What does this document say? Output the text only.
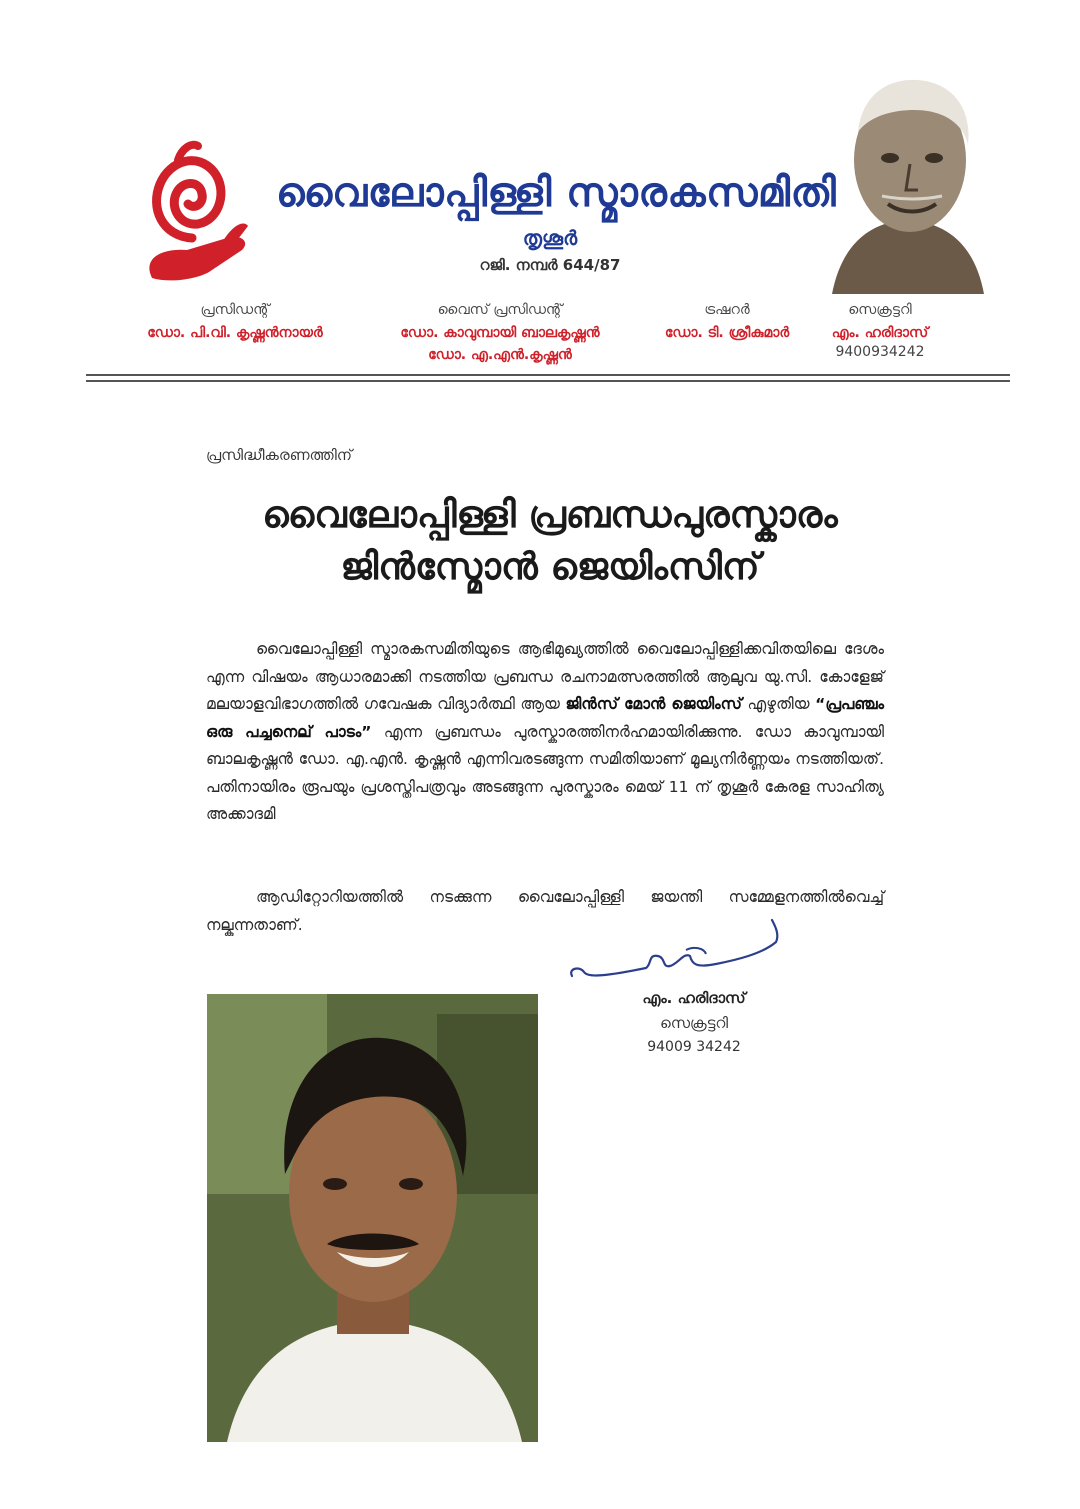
വൈലോപ്പിള്ളി സ്മാരകസമിതി
തൃശൂർ
റജി. നമ്പർ 644/87
പ്രസിഡന്റ്
ഡോ. പി.വി. കൃഷ്ണൻനായർ
വൈസ് പ്രസിഡന്റ്
ഡോ. കാവുമ്പായി ബാലകൃഷ്ണൻ
ഡോ. എ.എൻ.കൃഷ്ണൻ
ട്രഷറർ
ഡോ. ടി. ശ്രീകുമാർ
സെക്രട്ടറി
എം. ഹരിദാസ്
9400934242
പ്രസിദ്ധീകരണത്തിന്
വൈലോപ്പിള്ളി പ്രബന്ധപുരസ്കാരം
ജിൻസ്മോൻ ജെയിംസിന്
വൈലോപ്പിള്ളി സ്മാരകസമിതിയുടെ ആഭിമുഖ്യത്തിൽ വൈലോപ്പിള്ളിക്കവിതയിലെ ദേശം എന്ന വിഷയം ആധാരമാക്കി നടത്തിയ പ്രബന്ധ രചനാമത്സരത്തിൽ ആലുവ യു.സി. കോളേജ് മലയാളവിഭാഗത്തിൽ ഗവേഷക വിദ്യാർത്ഥി ആയ ജിൻസ് മോൻ ജെയിംസ് എഴുതിയ “പ്രപഞ്ചം ഒരു പച്ചനെല് പാടം” എന്ന പ്രബന്ധം പുരസ്കാരത്തിനർഹമായിരിക്കുന്നു. ഡോ കാവുമ്പായി ബാലകൃഷ്ണൻ ഡോ. എ.എൻ. കൃഷ്ണൻ എന്നിവരടങ്ങുന്ന സമിതിയാണ് മൂല്യനിർണ്ണയം നടത്തിയത്. പതിനായിരം രൂപയും പ്രശസ്തിപത്രവും അടങ്ങുന്ന പുരസ്കാരം മെയ് 11 ന് തൃശൂർ കേരള സാഹിത്യ അക്കാദമി
ആഡിറ്റോറിയത്തിൽ നടക്കുന്ന വൈലോപ്പിള്ളി ജയന്തി സമ്മേളനത്തിൽവെച്ച് നല്കുന്നതാണ്.
എം. ഹരിദാസ്
സെക്രട്ടറി
94009 34242
